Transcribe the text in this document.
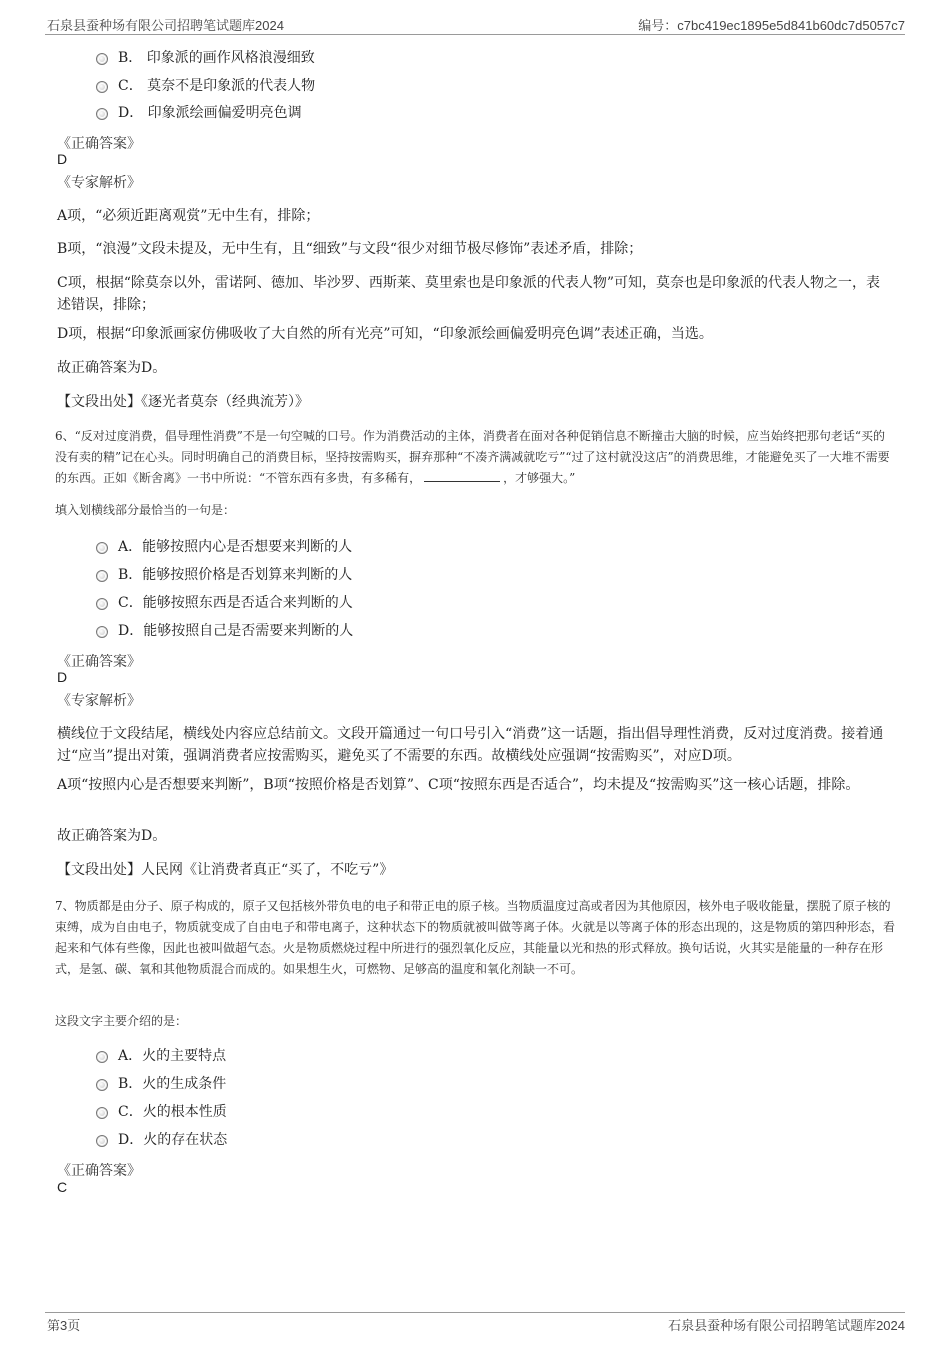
石泉县蚕种场有限公司招聘笔试题库2024	编号：c7bc419ec1895e5d841b60dc7d5057c7
B． 印象派的画作风格浪漫细致
C． 莫奈不是印象派的代表人物
D． 印象派绘画偏爱明亮色调
《正确答案》
D
《专家解析》
A项，“必须近距离观赏”无中生有，排除；
B项，“浪漫”文段未提及，无中生有，且“细致”与文段“很少对细节极尽修饰”表述矛盾，排除；
C项，根据“除莫奈以外，雷诺阿、德加、毕沙罗、西斯莱、莫里索也是印象派的代表人物”可知，莫奈也是印象派的代表人物之一，表述错误，排除；
D项，根据“印象派画家仿佛吸收了大自然的所有光亮”可知，“印象派绘画偏爱明亮色调”表述正确，当选。
故正确答案为D。
【文段出处】《逐光者莫奈（经典流芳）》
6、“反对过度消费，倡导理性消费”不是一句空喊的口号。作为消费活动的主体，消费者在面对各种促销信息不断撞击大脑的时候，应当始终把那句老话“买的没有卖的精”记在心头。同时明确自己的消费目标，坚持按需购买，摒弃那种“不凑齐满减就吃亏”“过了这村就没这店”的消费思维，才能避免买了一大堆不需要的东西。正如《断舍离》一书中所说：“不管东西有多贵，有多稀有，	，才够强大。”
填入划横线部分最恰当的一句是：
A．能够按照内心是否想要来判断的人
B．能够按照价格是否划算来判断的人
C．能够按照东西是否适合来判断的人
D．能够按照自己是否需要来判断的人
《正确答案》
D
《专家解析》
横线位于文段结尾，横线处内容应总结前文。文段开篇通过一句口号引入“消费”这一话题，指出倡导理性消费，反对过度消费。接着通过“应当”提出对策，强调消费者应按需购买，避免买了不需要的东西。故横线处应强调“按需购买”，对应D项。
A项“按照内心是否想要来判断”，B项“按照价格是否划算”、C项“按照东西是否适合”，均未提及“按需购买”这一核心话题，排除。
故正确答案为D。
【文段出处】人民网《让消费者真正“买了，不吃亏”》
7、物质都是由分子、原子构成的，原子又包括核外带负电的电子和带正电的原子核。当物质温度过高或者因为其他原因，核外电子吸收能量，摆脱了原子核的束缚，成为自由电子，物质就变成了自由电子和带电离子，这种状态下的物质就被叫做等离子体。火就是以等离子体的形态出现的，这是物质的第四种形态，看起来和气体有些像，因此也被叫做超气态。火是物质燃烧过程中所进行的强烈氧化反应，其能量以光和热的形式释放。换句话说，火其实是能量的一种存在形式，是氢、碳、氧和其他物质混合而成的。如果想生火，可燃物、足够高的温度和氧化剂缺一不可。
这段文字主要介绍的是：
A．火的主要特点
B．火的生成条件
C．火的根本性质
D．火的存在状态
《正确答案》
C
第3页	石泉县蚕种场有限公司招聘笔试题库2024
